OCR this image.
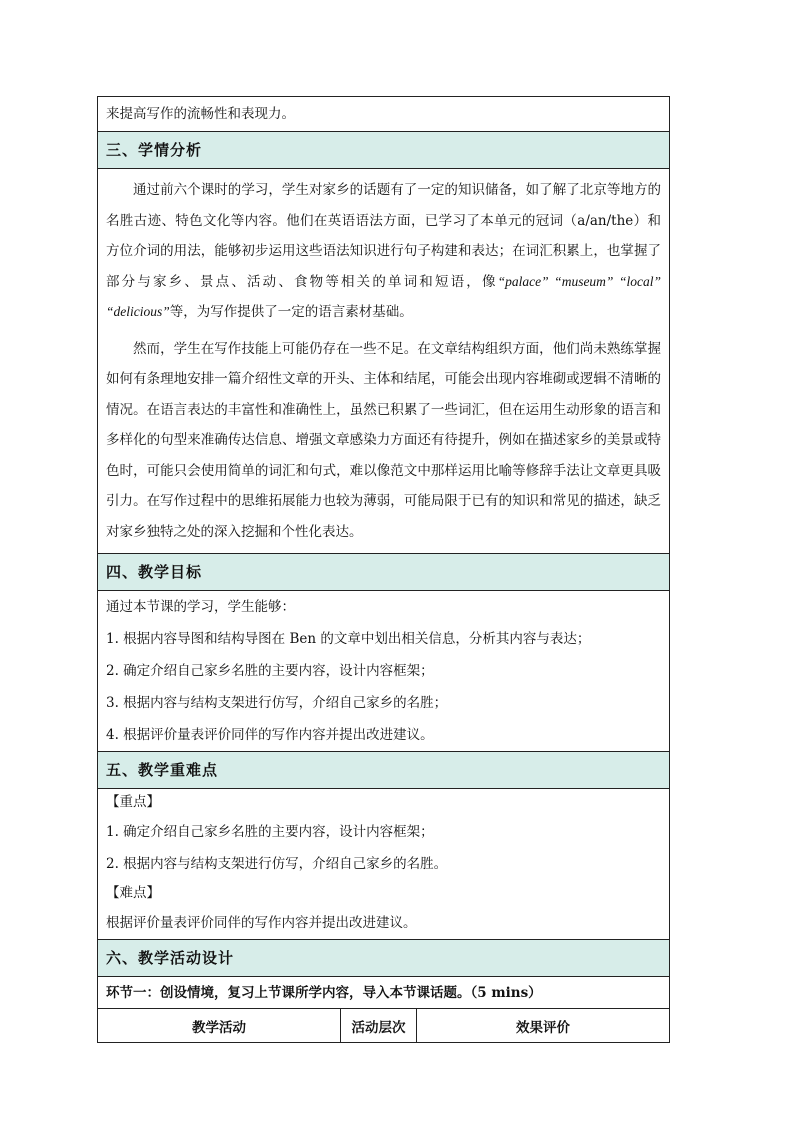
来提高写作的流畅性和表现力。
三、学情分析
通过前六个课时的学习，学生对家乡的话题有了一定的知识储备，如了解了北京等地方的名胜古迹、特色文化等内容。他们在英语语法方面，已学习了本单元的冠词（a/an/the）和方位介词的用法，能够初步运用这些语法知识进行句子构建和表达；在词汇积累上，也掌握了部分与家乡、景点、活动、食物等相关的单词和短语，像“palace” “museum” “local” “delicious”等，为写作提供了一定的语言素材基础。
然而，学生在写作技能上可能仍存在一些不足。在文章结构组织方面，他们尚未熟练掌握如何有条理地安排一篇介绍性文章的开头、主体和结尾，可能会出现内容堆砌或逻辑不清晰的情况。在语言表达的丰富性和准确性上，虽然已积累了一些词汇，但在运用生动形象的语言和多样化的句型来准确传达信息、增强文章感染力方面还有待提升，例如在描述家乡的美景或特色时，可能只会使用简单的词汇和句式，难以像范文中那样运用比喻等修辞手法让文章更具吸引力。在写作过程中的思维拓展能力也较为薄弱，可能局限于已有的知识和常见的描述，缺乏对家乡独特之处的深入挖掘和个性化表达。
四、教学目标
通过本节课的学习，学生能够：
1. 根据内容导图和结构导图在 Ben 的文章中划出相关信息，分析其内容与表达；
2. 确定介绍自己家乡名胜的主要内容，设计内容框架；
3. 根据内容与结构支架进行仿写，介绍自己家乡的名胜；
4. 根据评价量表评价同伴的写作内容并提出改进建议。
五、教学重难点
【重点】
1. 确定介绍自己家乡名胜的主要内容，设计内容框架；
2. 根据内容与结构支架进行仿写，介绍自己家乡的名胜。
【难点】
根据评价量表评价同伴的写作内容并提出改进建议。
六、教学活动设计
环节一：创设情境，复习上节课所学内容，导入本节课话题。（5 mins）
教学活动	活动层次	效果评价
